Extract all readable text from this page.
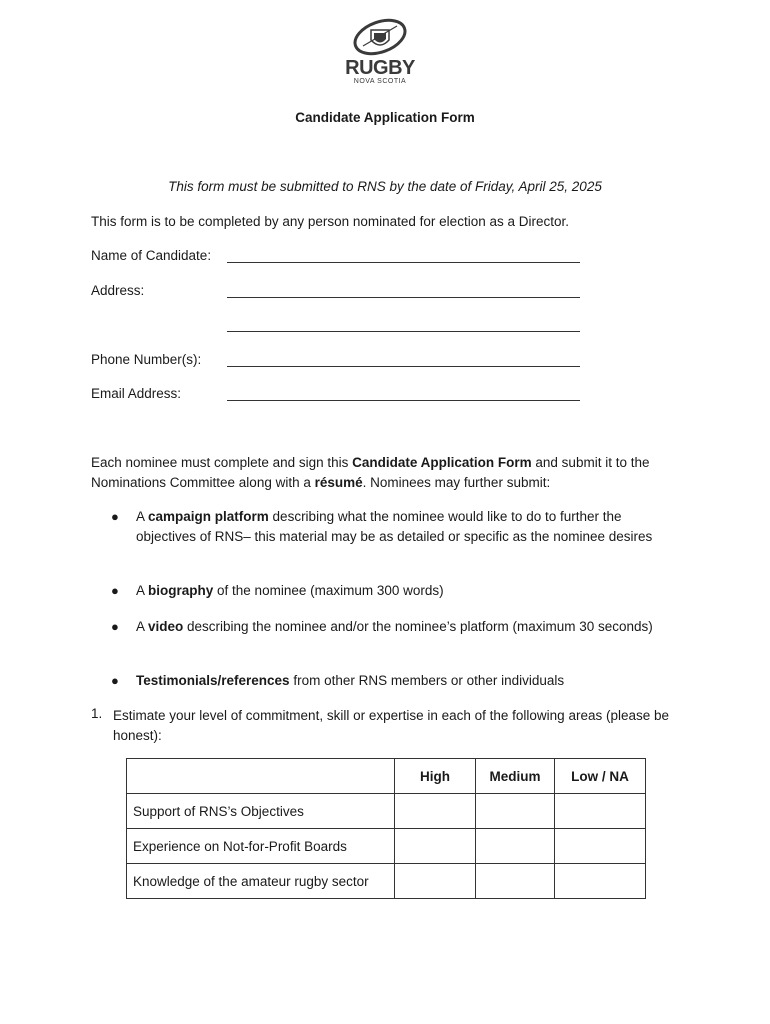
RUGBY
NOVA SCOTIA
Candidate Application Form
This form must be submitted to RNS by the date of Friday, April 25, 2025
This form is to be completed by any person nominated for election as a Director.
Name of Candidate:
Address:
Phone Number(s):
Email Address:
Each nominee must complete and sign this Candidate Application Form and submit it to the Nominations Committee along with a résumé. Nominees may further submit:
● A campaign platform describing what the nominee would like to do to further the objectives of RNS– this material may be as detailed or specific as the nominee desires
● A biography of the nominee (maximum 300 words)
● A video describing the nominee and/or the nominee’s platform (maximum 30 seconds)
● Testimonials/references from other RNS members or other individuals
1. Estimate your level of commitment, skill or expertise in each of the following areas (please be honest):
	High	Medium	Low / NA
Support of RNS’s Objectives			
Experience on Not-for-Profit Boards			
Knowledge of the amateur rugby sector			
